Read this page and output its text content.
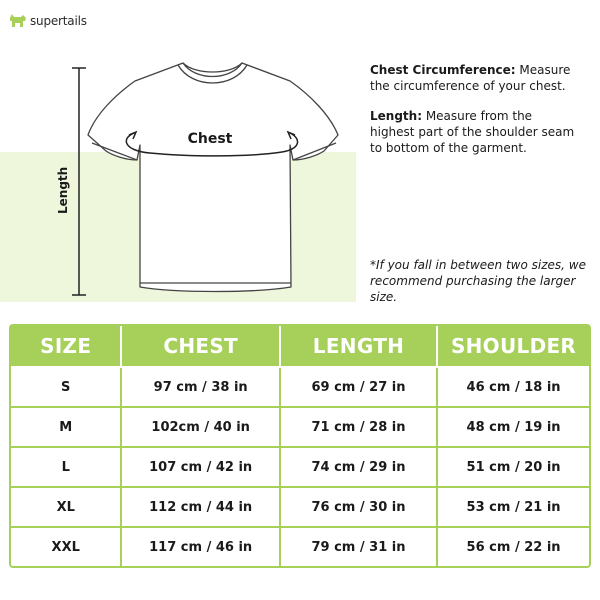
supertails
Length
Chest

Chest Circumference: Measure the circumference of your chest.

Length: Measure from the highest part of the shoulder seam to bottom of the garment.

*If you fall in between two sizes, we recommend purchasing the larger size.
SIZE	CHEST	LENGTH	SHOULDER
S	97 cm / 38 in	69 cm / 27 in	46 cm / 18 in
M	102cm / 40 in	71 cm / 28 in	48 cm / 19 in
L	107 cm / 42 in	74 cm / 29 in	51 cm / 20 in
XL	112 cm / 44 in	76 cm / 30 in	53 cm / 21 in
XXL	117 cm / 46 in	79 cm / 31 in	56 cm / 22 in
